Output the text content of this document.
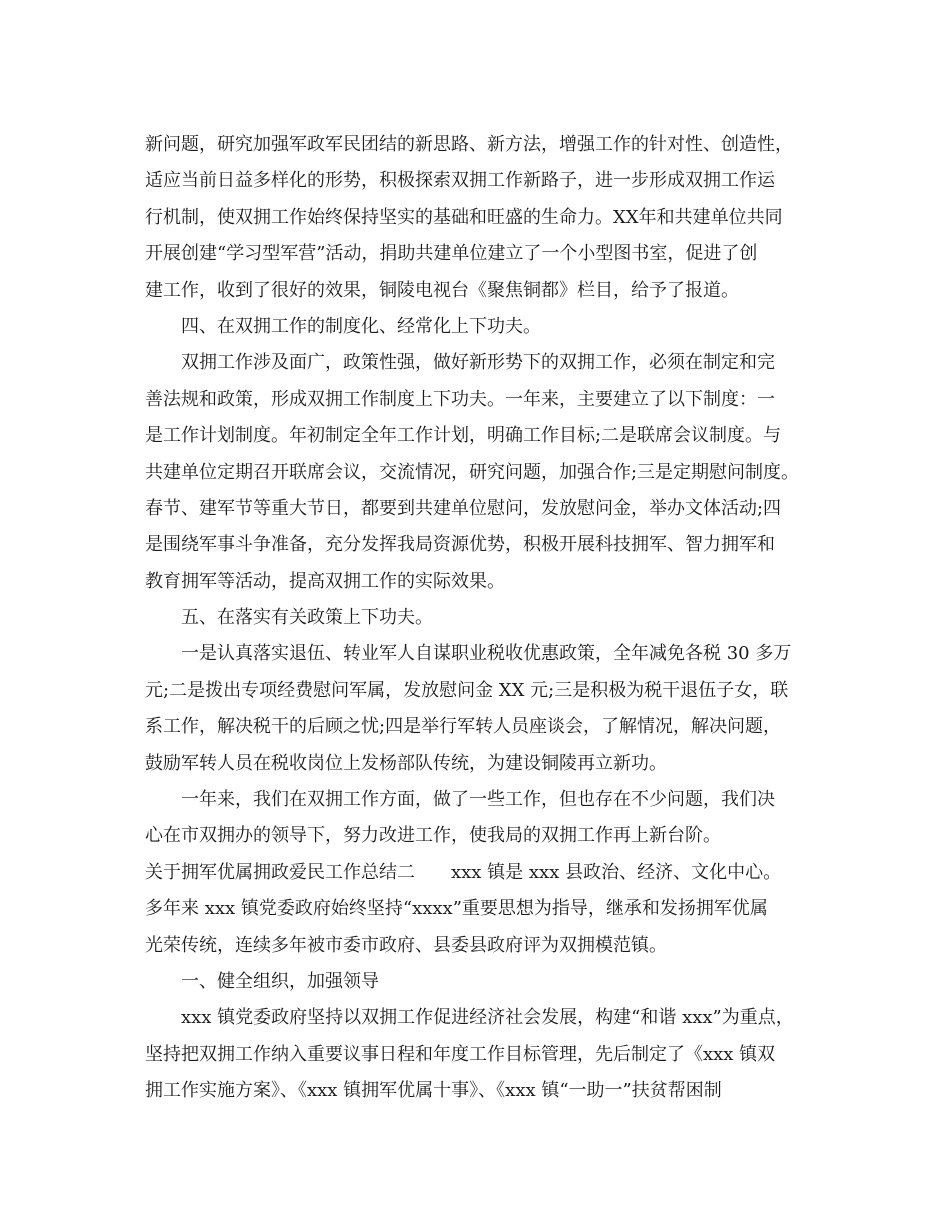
新问题，研究加强军政军民团结的新思路、新方法，增强工作的针对性、创造性，
适应当前日益多样化的形势，积极探索双拥工作新路子，进一步形成双拥工作运
行机制，使双拥工作始终保持坚实的基础和旺盛的生命力。XX年和共建单位共同
开展创建“学习型军营”活动，捐助共建单位建立了一个小型图书室，促进了创
建工作，收到了很好的效果，铜陵电视台《聚焦铜都》栏目，给予了报道。
四、在双拥工作的制度化、经常化上下功夫。
双拥工作涉及面广，政策性强，做好新形势下的双拥工作，必须在制定和完
善法规和政策，形成双拥工作制度上下功夫。一年来，主要建立了以下制度：一
是工作计划制度。年初制定全年工作计划，明确工作目标;二是联席会议制度。与
共建单位定期召开联席会议，交流情况，研究问题，加强合作;三是定期慰问制度。
春节、建军节等重大节日，都要到共建单位慰问，发放慰问金，举办文体活动;四
是围绕军事斗争准备，充分发挥我局资源优势，积极开展科技拥军、智力拥军和
教育拥军等活动，提高双拥工作的实际效果。
五、在落实有关政策上下功夫。
一是认真落实退伍、转业军人自谋职业税收优惠政策，全年减免各税 30 多万
元;二是拨出专项经费慰问军属，发放慰问金 XX 元;三是积极为税干退伍子女，联
系工作，解决税干的后顾之忧;四是举行军转人员座谈会，了解情况，解决问题，
鼓励军转人员在税收岗位上发杨部队传统，为建设铜陵再立新功。
一年来，我们在双拥工作方面，做了一些工作，但也存在不少问题，我们决
心在市双拥办的领导下，努力改进工作，使我局的双拥工作再上新台阶。
关于拥军优属拥政爱民工作总结二　　xxx 镇是 xxx 县政治、经济、文化中心。
多年来 xxx 镇党委政府始终坚持“xxxx”重要思想为指导，继承和发扬拥军优属
光荣传统，连续多年被市委市政府、县委县政府评为双拥模范镇。
一、健全组织，加强领导
xxx 镇党委政府坚持以双拥工作促进经济社会发展，构建“和谐 xxx”为重点，
坚持把双拥工作纳入重要议事日程和年度工作目标管理，先后制定了《xxx 镇双
拥工作实施方案》、《xxx 镇拥军优属十事》、《xxx 镇“一助一”扶贫帮困制
